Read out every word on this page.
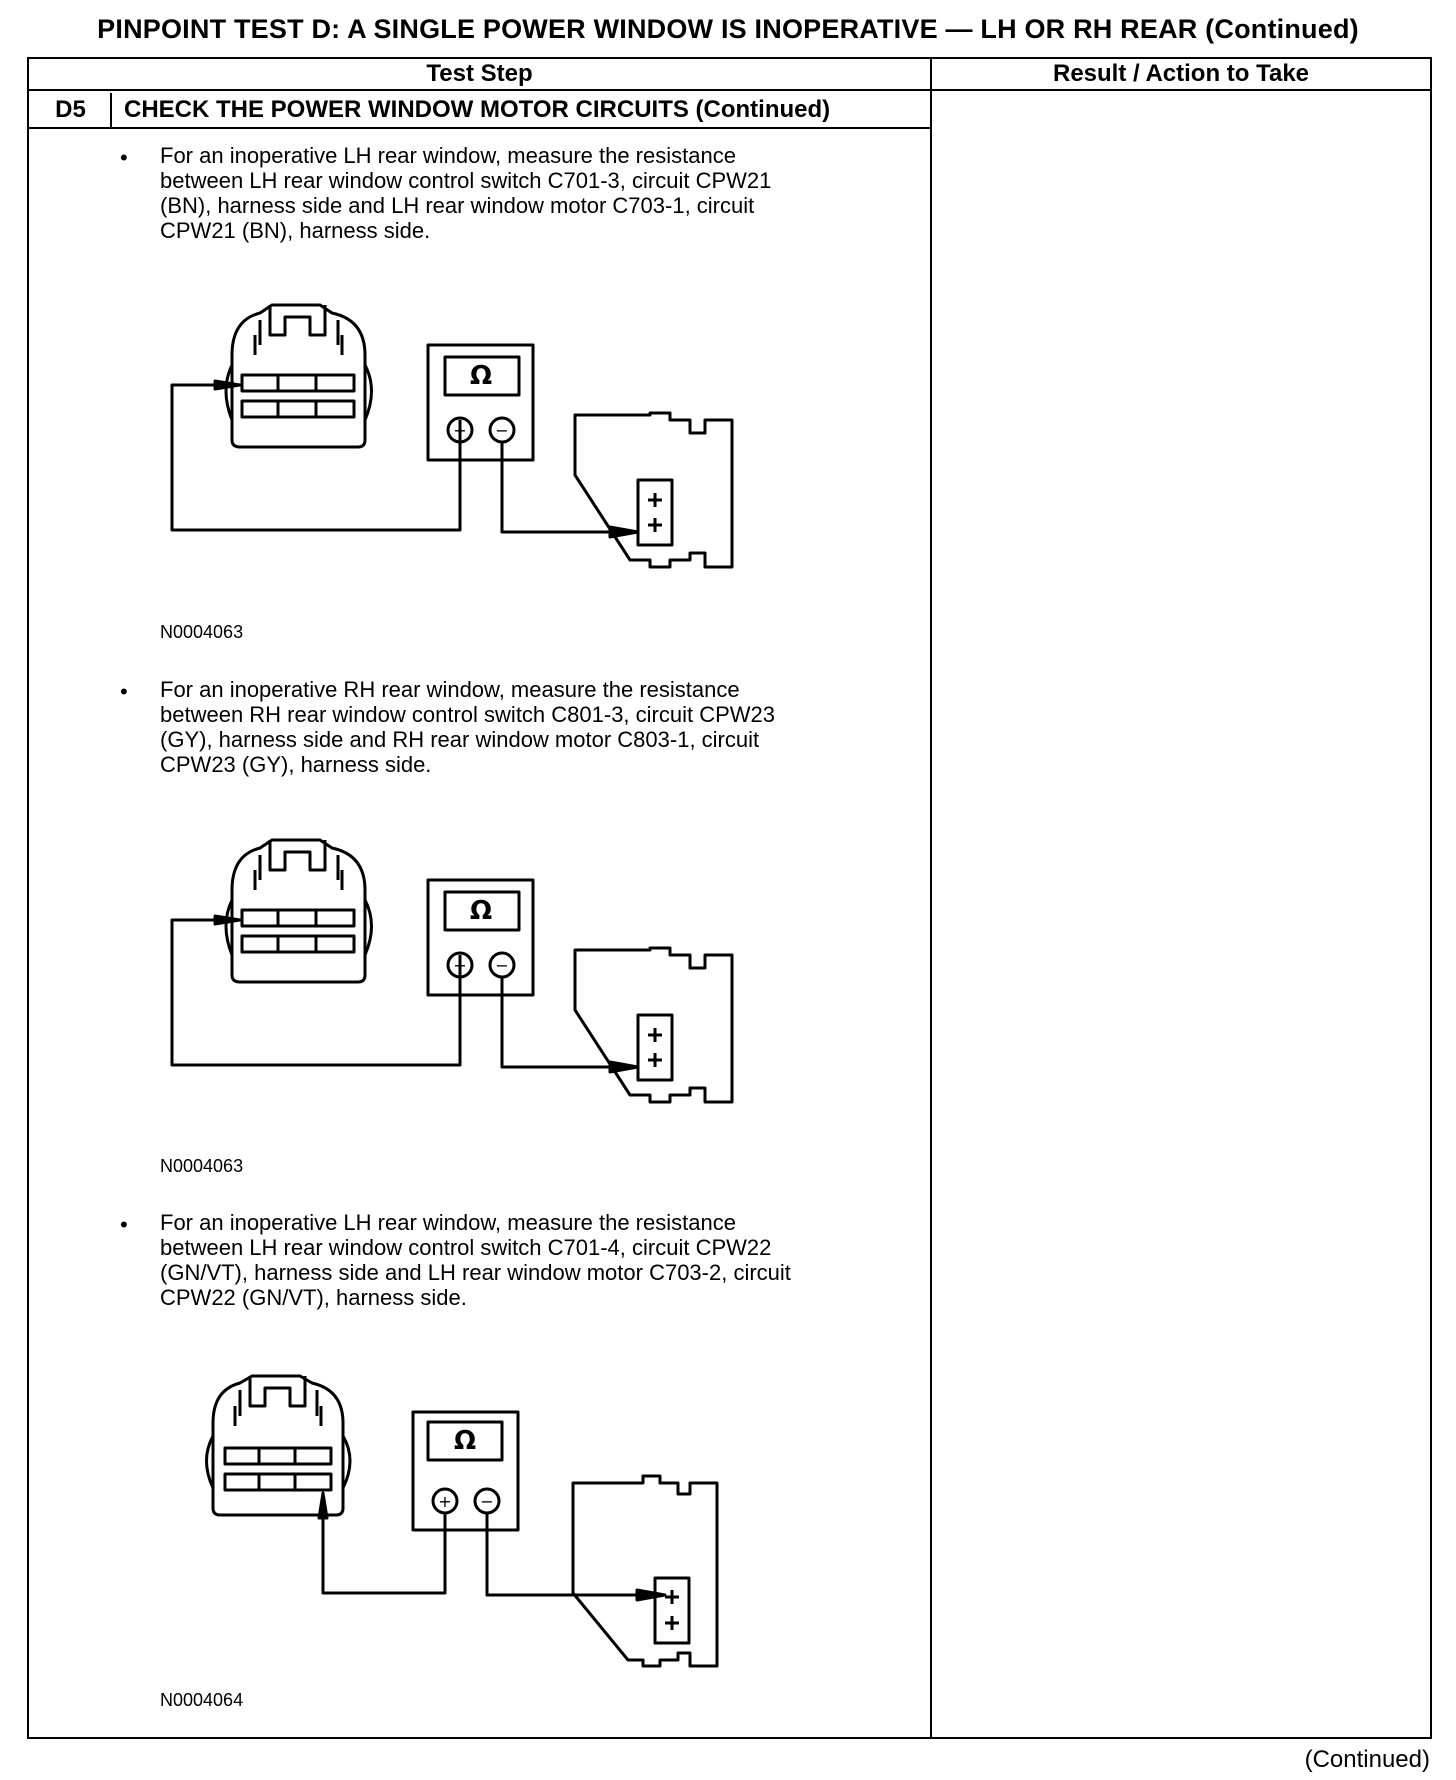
PINPOINT TEST D: A SINGLE POWER WINDOW IS INOPERATIVE — LH OR RH REAR (Continued)
Test Step	Result / Action to Take
D5	CHECK THE POWER WINDOW MOTOR CIRCUITS (Continued)
• For an inoperative LH rear window, measure the resistance
between LH rear window control switch C701-3, circuit CPW21
(BN), harness side and LH rear window motor C703-1, circuit
CPW21 (BN), harness side.
Ω
+ −
N0004063
• For an inoperative RH rear window, measure the resistance
between RH rear window control switch C801-3, circuit CPW23
(GY), harness side and RH rear window motor C803-1, circuit
CPW23 (GY), harness side.
Ω
+ −
N0004063
• For an inoperative LH rear window, measure the resistance
between LH rear window control switch C701-4, circuit CPW22
(GN/VT), harness side and LH rear window motor C703-2, circuit
CPW22 (GN/VT), harness side.
Ω
+ −
N0004064
(Continued)
